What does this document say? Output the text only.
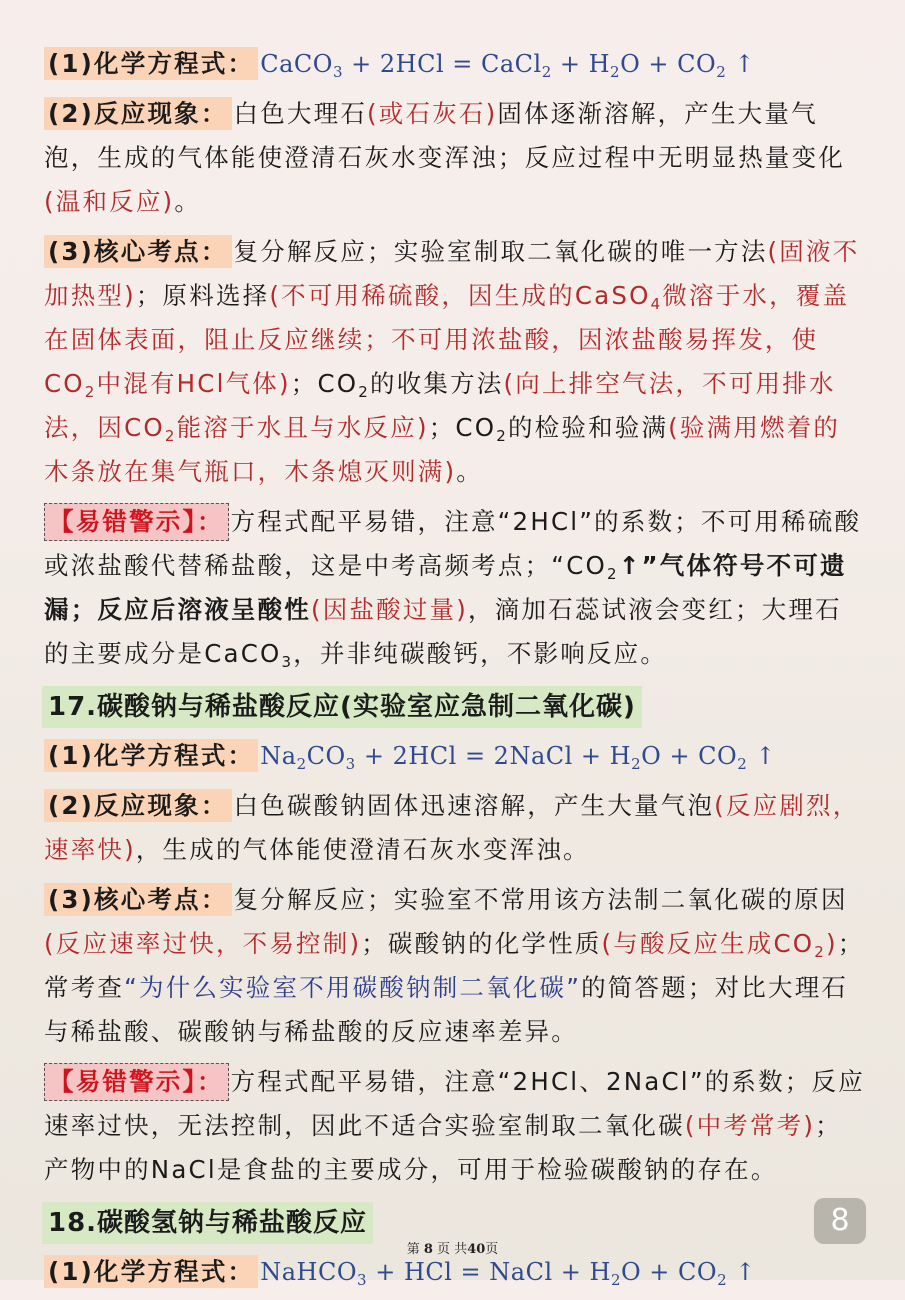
(1)化学方程式： CaCO$_3$ + 2HCl = CaCl$_2$ + $H_2O + CO_2$ ↑
(2)反应现象： 白色大理石(或石灰石)固体逐渐溶解，产生大量气泡，生成的气体能使澄清石灰水变浑浊；反应过程中无明显热量变化(温和反应)。
(3)核心考点： 复分解反应；实验室制取二氧化碳的唯一方法(固液不加热型)；原料选择(不可用稀硫酸，因生成的CaSO$_4$微溶于水，覆盖在固体表面，阻止反应继续；不可用浓盐酸，因浓盐酸易挥发，使$CO_2$中混有HCl气体)；$CO_2$的收集方法(向上排空气法，不可用排水法，因$CO_2$能溶于水且与水反应)；$CO_2$的检验和验满(验满用燃着的木条放在集气瓶口，木条熄灭则满)。
【易错警示】： 方程式配平易错，注意“2HCl”的系数；不可用稀硫酸或浓盐酸代替稀盐酸，这是中考高频考点；“$CO_2↑$”气体符号不可遗漏；反应后溶液呈酸性(因盐酸过量)，滴加石蕊试液会变红；大理石的主要成分是CaCO$_3$，并非纯碳酸钙，不影响反应。
17.碳酸钠与稀盐酸反应(实验室应急制二氧化碳)
(1)化学方程式： $Na_2CO_3 + 2HCl$ = 2NaCl + $H_2O + CO_2$ ↑
(2)反应现象： 白色碳酸钠固体迅速溶解，产生大量气泡(反应剧烈，速率快)，生成的气体能使澄清石灰水变浑浊。
(3)核心考点： 复分解反应；实验室不常用该方法制二氧化碳的原因(反应速率过快，不易控制)；碳酸钠的化学性质(与酸反应生成$CO_2$)；常考查“为什么实验室不用碳酸钠制二氧化碳”的简答题；对比大理石与稀盐酸、碳酸钠与稀盐酸的反应速率差异。
【易错警示】： 方程式配平易错，注意“2HCl、2NaCl”的系数；反应速率过快，无法控制，因此不适合实验室制取二氧化碳(中考常考)；产物中的NaCl是食盐的主要成分，可用于检验碳酸钠的存在。
18.碳酸氢钠与稀盐酸反应
(1)化学方程式： NaHCO$_3$ + HCl = NaCl + $H_2O + CO_2$ ↑
8
第 8 页 共40页
